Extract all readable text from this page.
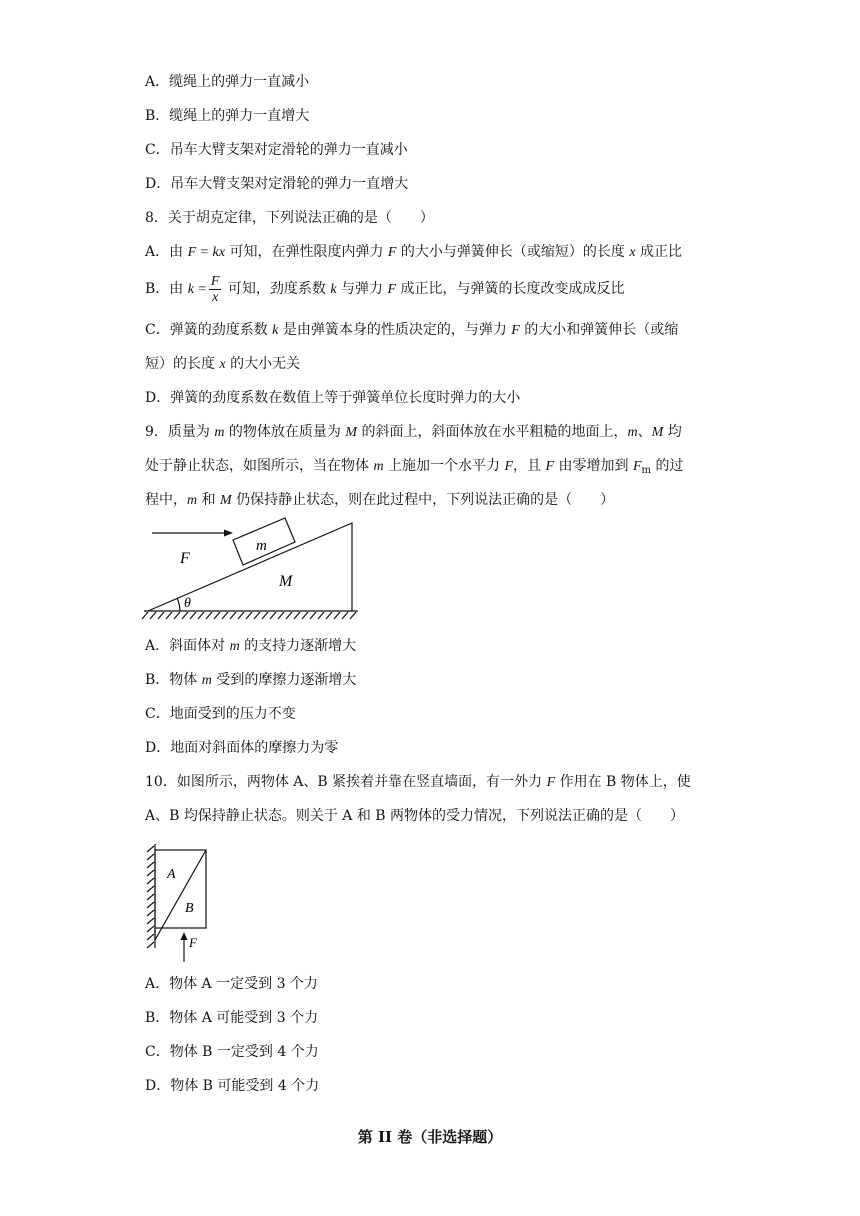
A．缆绳上的弹力一直减小
B．缆绳上的弹力一直增大
C．吊车大臂支架对定滑轮的弹力一直减小
D．吊车大臂支架对定滑轮的弹力一直增大
8．关于胡克定律，下列说法正确的是（　　）
A．由 F = kx 可知，在弹性限度内弹力 F 的大小与弹簧伸长（或缩短）的长度 x 成正比
B．由 $k = \frac{F}{x}$ 可知，劲度系数 k 与弹力 F 成正比，与弹簧的长度改变成成反比
C．弹簧的劲度系数 k 是由弹簧本身的性质决定的，与弹力 F 的大小和弹簧伸长（或缩
短）的长度 x 的大小无关
D．弹簧的劲度系数在数值上等于弹簧单位长度时弹力的大小
9．质量为 m 的物体放在质量为 M 的斜面上，斜面体放在水平粗糙的地面上，m、M 均
处于静止状态，如图所示，当在物体 m 上施加一个水平力 F，且 F 由零增加到 $F_m$ 的过
程中，m 和 M 仍保持静止状态，则在此过程中，下列说法正确的是（　　）
F
m
M
θ
A．斜面体对 m 的支持力逐渐增大
B．物体 m 受到的摩擦力逐渐增大
C．地面受到的压力不变
D．地面对斜面体的摩擦力为零
10．如图所示，两物体 A、B 紧挨着并靠在竖直墙面，有一外力 F 作用在 B 物体上，使
A、B 均保持静止状态。则关于 A 和 B 两物体的受力情况，下列说法正确的是（　　）
A
B
F
A．物体 A 一定受到 3 个力
B．物体 A 可能受到 3 个力
C．物体 B 一定受到 4 个力
D．物体 B 可能受到 4 个力
第 II 卷（非选择题）
